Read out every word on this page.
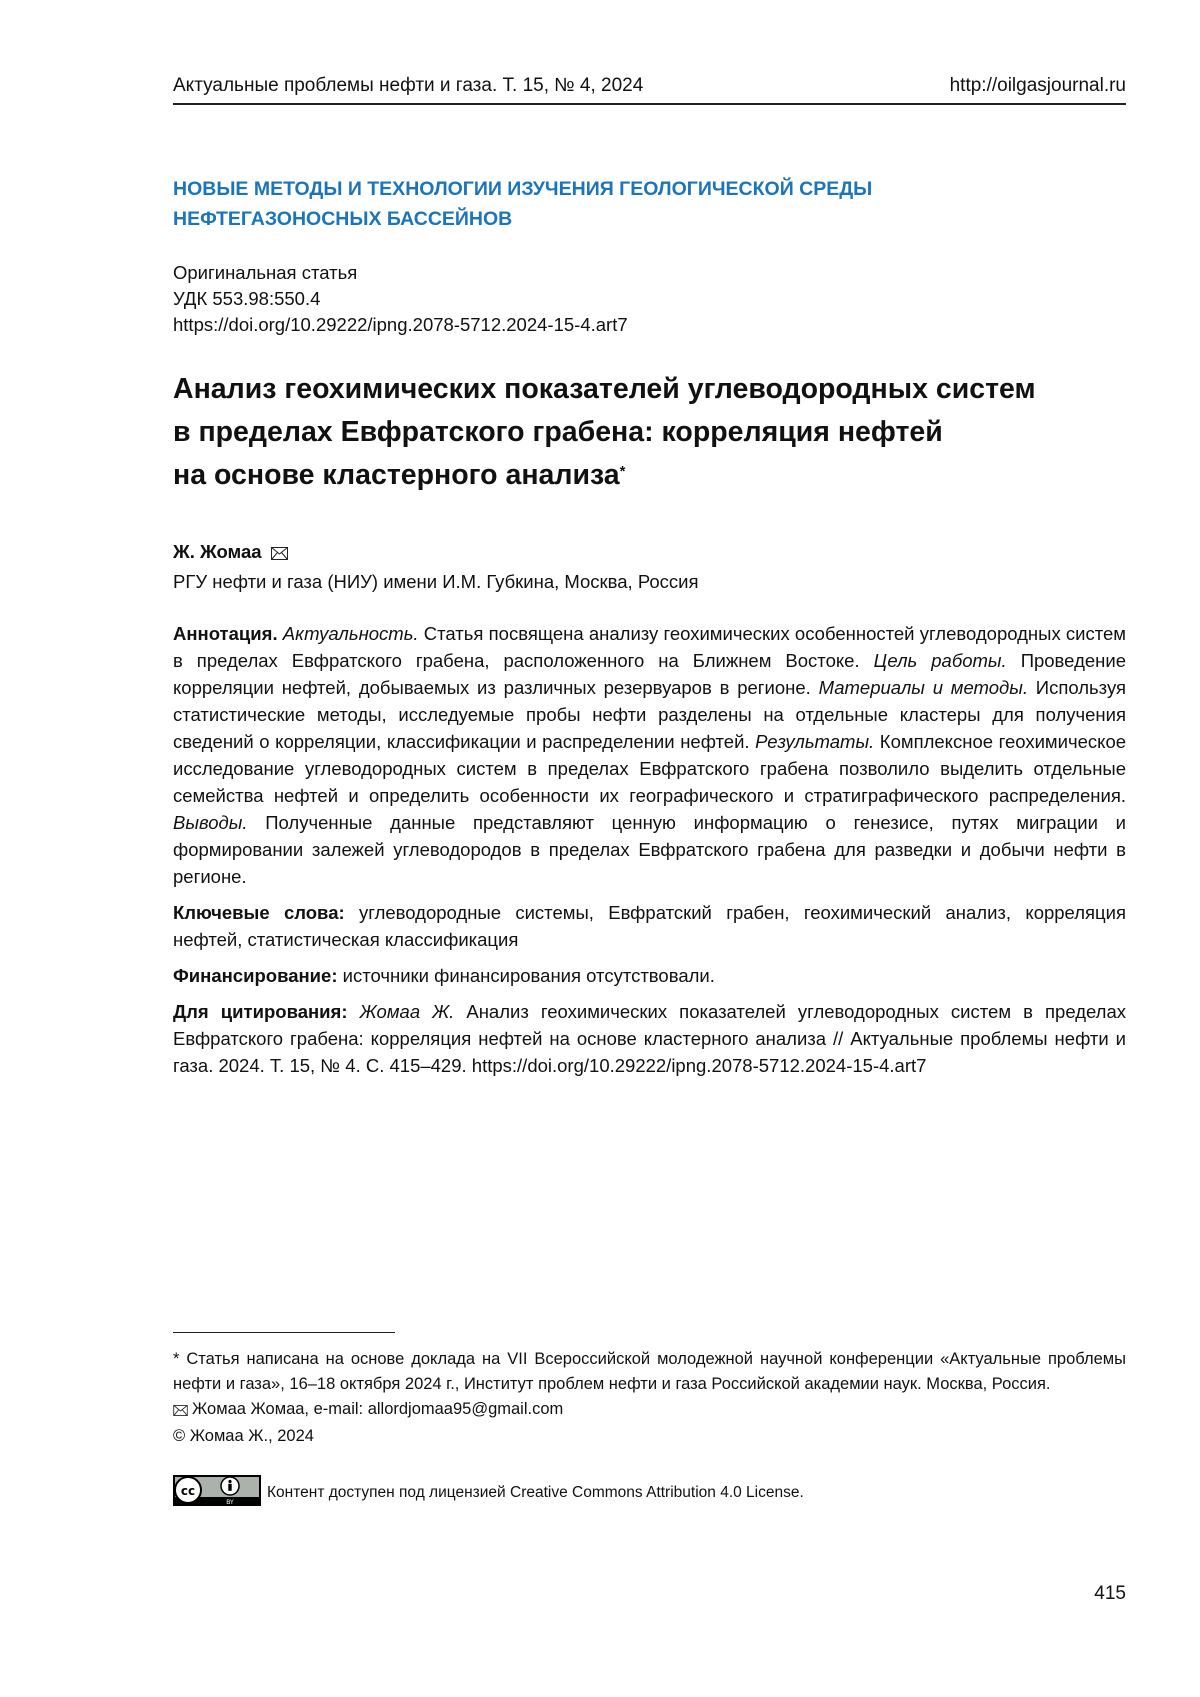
Актуальные проблемы нефти и газа. Т. 15, № 4, 2024	http://oilgasjournal.ru
НОВЫЕ МЕТОДЫ И ТЕХНОЛОГИИ ИЗУЧЕНИЯ ГЕОЛОГИЧЕСКОЙ СРЕДЫ
НЕФТЕГАЗОНОСНЫХ БАССЕЙНОВ
Оригинальная статья
УДК 553.98:550.4
https://doi.org/10.29222/ipng.2078-5712.2024-15-4.art7
Анализ геохимических показателей углеводородных систем
в пределах Евфратского грабена: корреляция нефтей
на основе кластерного анализа*
Ж. Жомаа
РГУ нефти и газа (НИУ) имени И.М. Губкина, Москва, Россия

Аннотация. Актуальность. Статья посвящена анализу геохимических особенностей углеводородных систем в пределах Евфратского грабена, расположенного на Ближнем Востоке. Цель работы. Проведение корреляции нефтей, добываемых из различных резервуаров в регионе. Материалы и методы. Используя статистические методы, исследуемые пробы нефти разделены на отдельные кластеры для получения сведений о корреляции, классификации и распределении нефтей. Результаты. Комплексное геохимическое исследование углеводородных систем в пределах Евфратского грабена позволило выделить отдельные семейства нефтей и определить особенности их географического и стратиграфического распределения. Выводы. Полученные данные представляют ценную информацию о генезисе, путях миграции и формировании залежей углеводородов в пределах Евфратского грабена для разведки и добычи нефти в регионе.

Ключевые слова: углеводородные системы, Евфратский грабен, геохимический анализ, корреляция нефтей, статистическая классификация

Финансирование: источники финансирования отсутствовали.

Для цитирования: Жомаа Ж. Анализ геохимических показателей углеводородных систем в пределах Евфратского грабена: корреляция нефтей на основе кластерного анализа // Актуальные проблемы нефти и газа. 2024. Т. 15, № 4. С. 415–429. https://doi.org/10.29222/ipng.2078-5712.2024-15-4.art7

* Статья написана на основе доклада на VII Всероссийской молодежной научной конференции «Актуальные проблемы нефти и газа», 16–18 октября 2024 г., Институт проблем нефти и газа Российской академии наук. Москва, Россия.

Жомаа Жомаа, e-mail: allordjomaa95@gmail.com

© Жомаа Ж., 2024

cc
BY
Контент доступен под лицензией Creative Commons Attribution 4.0 License.
415
